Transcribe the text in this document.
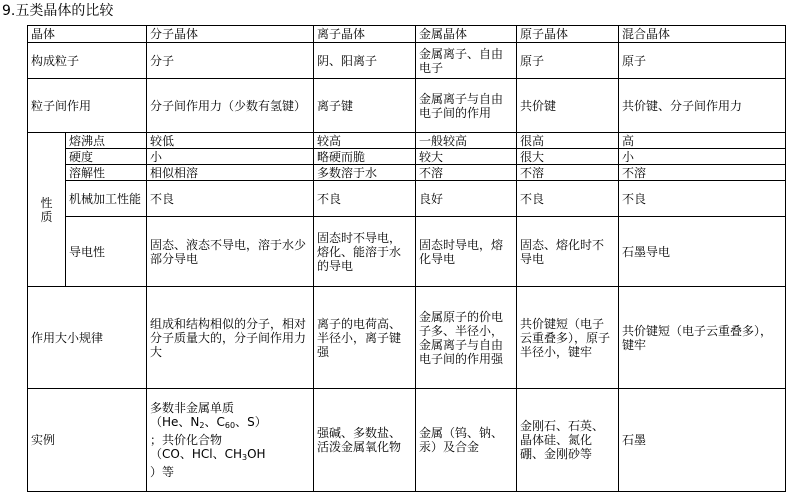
9.五类晶体的比较
晶体		分子晶体	离子晶体	金属晶体	原子晶体	混合晶体
构成粒子		分子	阴、阳离子	金属离子、自由电子	原子	原子
粒子间作用		分子间作用力（少数有氢键）	离子键	金属离子与自由电子间的作用	共价键	共价键、分子间作用力
性
质	熔沸点	较低	较高	一般较高	很高	高
	硬度	小	略硬而脆	较大	很大	小
	溶解性	相似相溶	多数溶于水	不溶	不溶	不溶
	机械加工性能	不良	不良	良好	不良	不良
	导电性	固态、液态不导电，溶于水少部分导电	固态时不导电，熔化、能溶于水的导电	固态时导电，熔化导电	固态、熔化时不导电	石墨导电
作用大小规律		组成和结构相似的分子，相对分子质量大的，分子间作用力大	离子的电荷高、半径小，离子键强	金属原子的价电子多、半径小，金属离子与自由电子间的作用强	共价键短（电子云重叠多），原子半径小，键牢	共价键短（电子云重叠多），键牢
实例		多数非金属单质
（He、$N_2$、$C_{60}$、S）
；共价化合物
（CO、HCl、$CH_3OH$
）等	强碱、多数盐、活泼金属氧化物	金属（钨、钠、汞）及合金	金刚石、石英、晶体硅、氮化硼、金刚砂等	石墨
